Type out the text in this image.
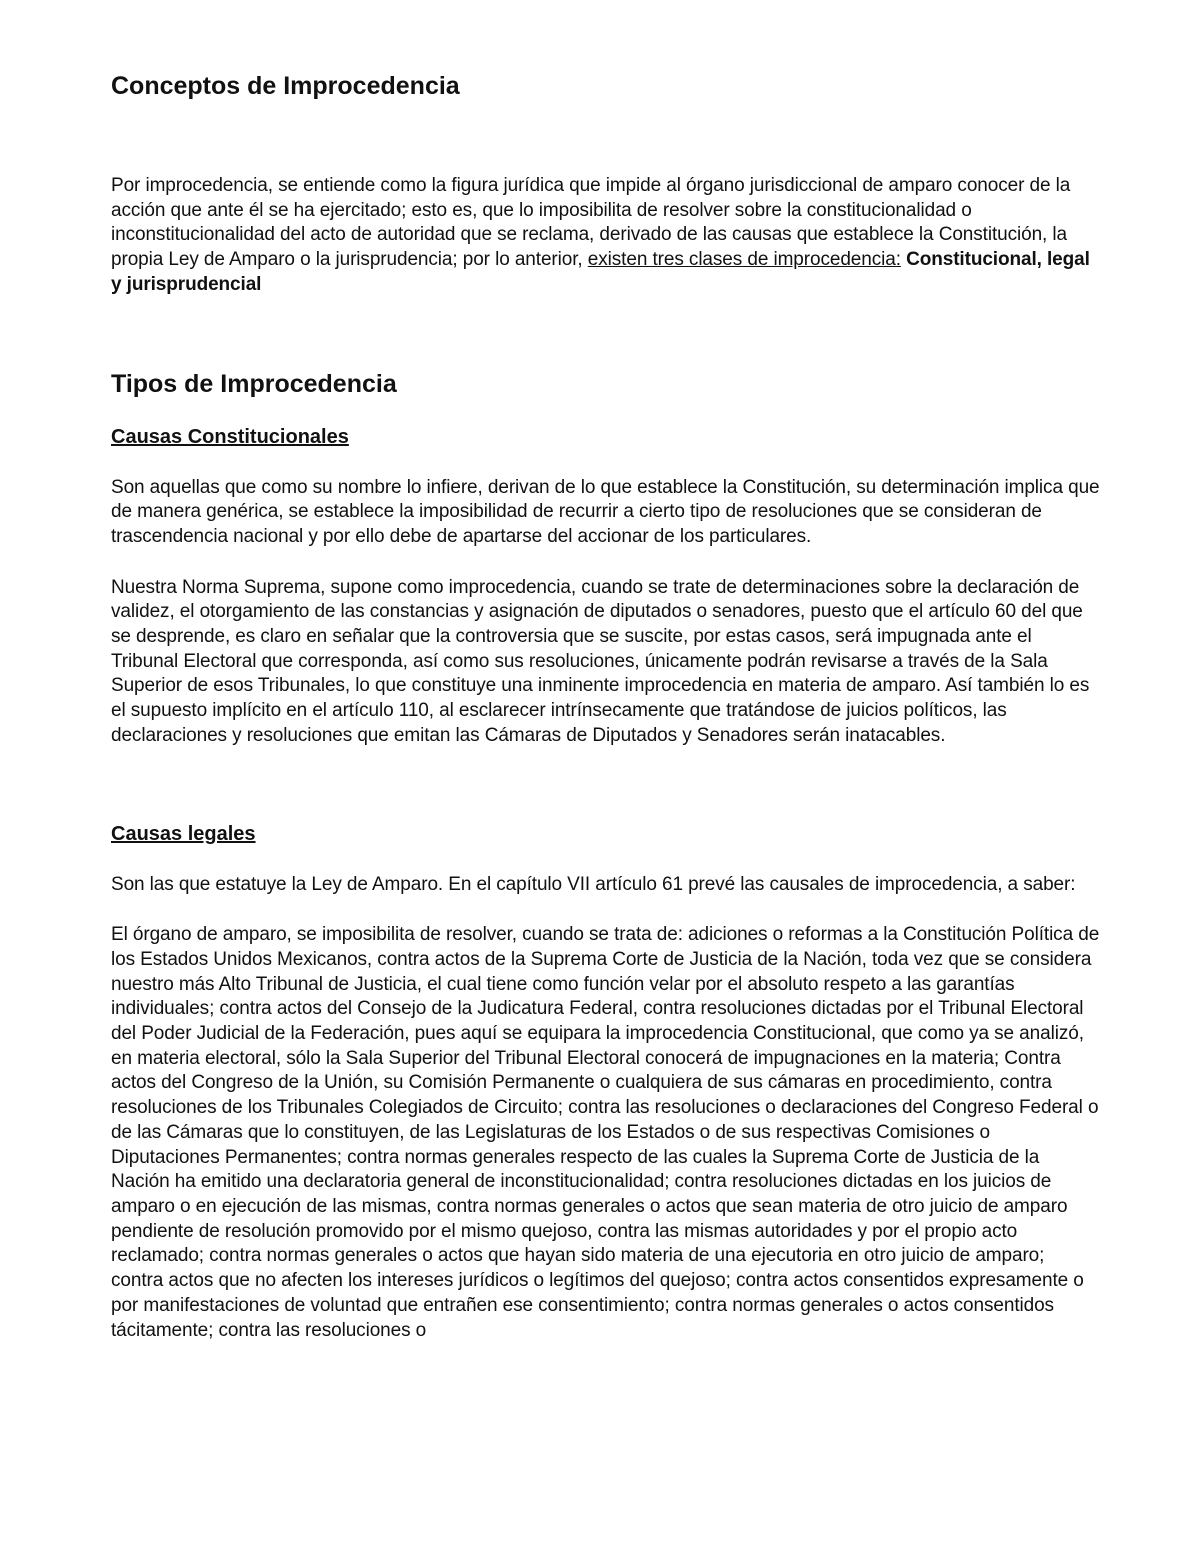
Conceptos de Improcedencia

Por improcedencia, se entiende como la figura jurídica que impide al órgano jurisdiccional de amparo conocer de la acción que ante él se ha ejercitado; esto es, que lo imposibilita de resolver sobre la constitucionalidad o inconstitucionalidad del acto de autoridad que se reclama, derivado de las causas que establece la Constitución, la propia Ley de Amparo o la jurisprudencia; por lo anterior, existen tres clases de improcedencia: Constitucional, legal y jurisprudencial

Tipos de Improcedencia
Causas Constitucionales

Son aquellas que como su nombre lo infiere, derivan de lo que establece la Constitución, su determinación implica que de manera genérica, se establece la imposibilidad de recurrir a cierto tipo de resoluciones que se consideran de trascendencia nacional y por ello debe de apartarse del accionar de los particulares.

Nuestra Norma Suprema, supone como improcedencia, cuando se trate de determinaciones sobre la declaración de validez, el otorgamiento de las constancias y asignación de diputados o senadores, puesto que el artículo 60 del que se desprende, es claro en señalar que la controversia que se suscite, por estas casos, será impugnada ante el Tribunal Electoral que corresponda, así como sus resoluciones, únicamente podrán revisarse a través de la Sala Superior de esos Tribunales, lo que constituye una inminente improcedencia en materia de amparo. Así también lo es el supuesto implícito en el artículo 110, al esclarecer intrínsecamente que tratándose de juicios políticos, las declaraciones y resoluciones que emitan las Cámaras de Diputados y Senadores serán inatacables.

Causas legales

Son las que estatuye la Ley de Amparo. En el capítulo VII artículo 61 prevé las causales de improcedencia, a saber:

El órgano de amparo, se imposibilita de resolver, cuando se trata de: adiciones o reformas a la Constitución Política de los Estados Unidos Mexicanos, contra actos de la Suprema Corte de Justicia de la Nación, toda vez que se considera nuestro más Alto Tribunal de Justicia, el cual tiene como función velar por el absoluto respeto a las garantías individuales; contra actos del Consejo de la Judicatura Federal, contra resoluciones dictadas por el Tribunal Electoral del Poder Judicial de la Federación, pues aquí se equipara la improcedencia Constitucional, que como ya se analizó, en materia electoral, sólo la Sala Superior del Tribunal Electoral conocerá de impugnaciones en la materia; Contra actos del Congreso de la Unión, su Comisión Permanente o cualquiera de sus cámaras en procedimiento, contra resoluciones de los Tribunales Colegiados de Circuito; contra las resoluciones o declaraciones del Congreso Federal o de las Cámaras que lo constituyen, de las Legislaturas de los Estados o de sus respectivas Comisiones o Diputaciones Permanentes; contra normas generales respecto de las cuales la Suprema Corte de Justicia de la Nación ha emitido una declaratoria general de inconstitucionalidad; contra resoluciones dictadas en los juicios de amparo o en ejecución de las mismas, contra normas generales o actos que sean materia de otro juicio de amparo pendiente de resolución promovido por el mismo quejoso, contra las mismas autoridades y por el propio acto reclamado; contra normas generales o actos que hayan sido materia de una ejecutoria en otro juicio de amparo; contra actos que no afecten los intereses jurídicos o legítimos del quejoso; contra actos consentidos expresamente o por manifestaciones de voluntad que entrañen ese consentimiento; contra normas generales o actos consentidos tácitamente; contra las resoluciones o
